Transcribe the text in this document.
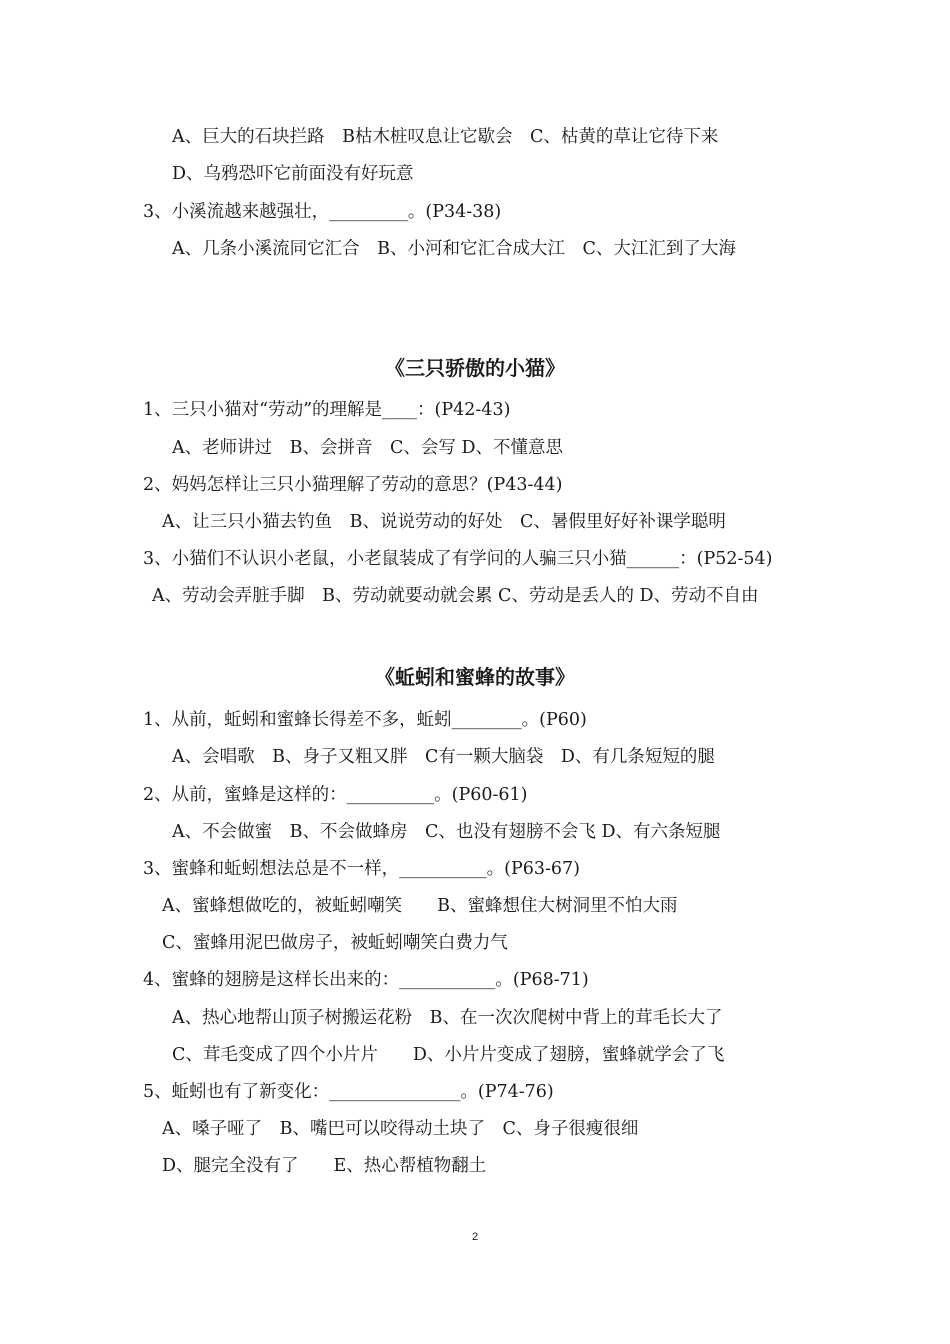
A、巨大的石块拦路　B枯木桩叹息让它歇会　C、枯黄的草让它待下来
D、乌鸦恐吓它前面没有好玩意
3、小溪流越来越强壮，_________。(P34-38)
A、几条小溪流同它汇合　B、小河和它汇合成大江　C、大江汇到了大海
《三只骄傲的小猫》
1、三只小猫对“劳动”的理解是____：(P42-43)
A、老师讲过　B、会拼音　C、会写 D、不懂意思
2、妈妈怎样让三只小猫理解了劳动的意思？(P43-44)
A、让三只小猫去钓鱼　B、说说劳动的好处　C、暑假里好好补课学聪明
3、小猫们不认识小老鼠，小老鼠装成了有学问的人骗三只小猫______：(P52-54)
A、劳动会弄脏手脚　B、劳动就要动就会累 C、劳动是丢人的 D、劳动不自由
《蚯蚓和蜜蜂的故事》
1、从前，蚯蚓和蜜蜂长得差不多，蚯蚓________。(P60)
A、会唱歌　B、身子又粗又胖　C有一颗大脑袋　D、有几条短短的腿
2、从前，蜜蜂是这样的：__________。(P60-61)
A、不会做蜜　B、不会做蜂房　C、也没有翅膀不会飞 D、有六条短腿
3、蜜蜂和蚯蚓想法总是不一样，__________。(P63-67)
A、蜜蜂想做吃的，被蚯蚓嘲笑　　B、蜜蜂想住大树洞里不怕大雨
C、蜜蜂用泥巴做房子，被蚯蚓嘲笑白费力气
4、蜜蜂的翅膀是这样长出来的：___________。(P68-71)
A、热心地帮山顶子树搬运花粉　B、在一次次爬树中背上的茸毛长大了
C、茸毛变成了四个小片片　　D、小片片变成了翅膀，蜜蜂就学会了飞
5、蚯蚓也有了新变化：_______________。(P74-76)
A、嗓子哑了　B、嘴巴可以咬得动土块了　C、身子很瘦很细
D、腿完全没有了　　E、热心帮植物翻土
2
